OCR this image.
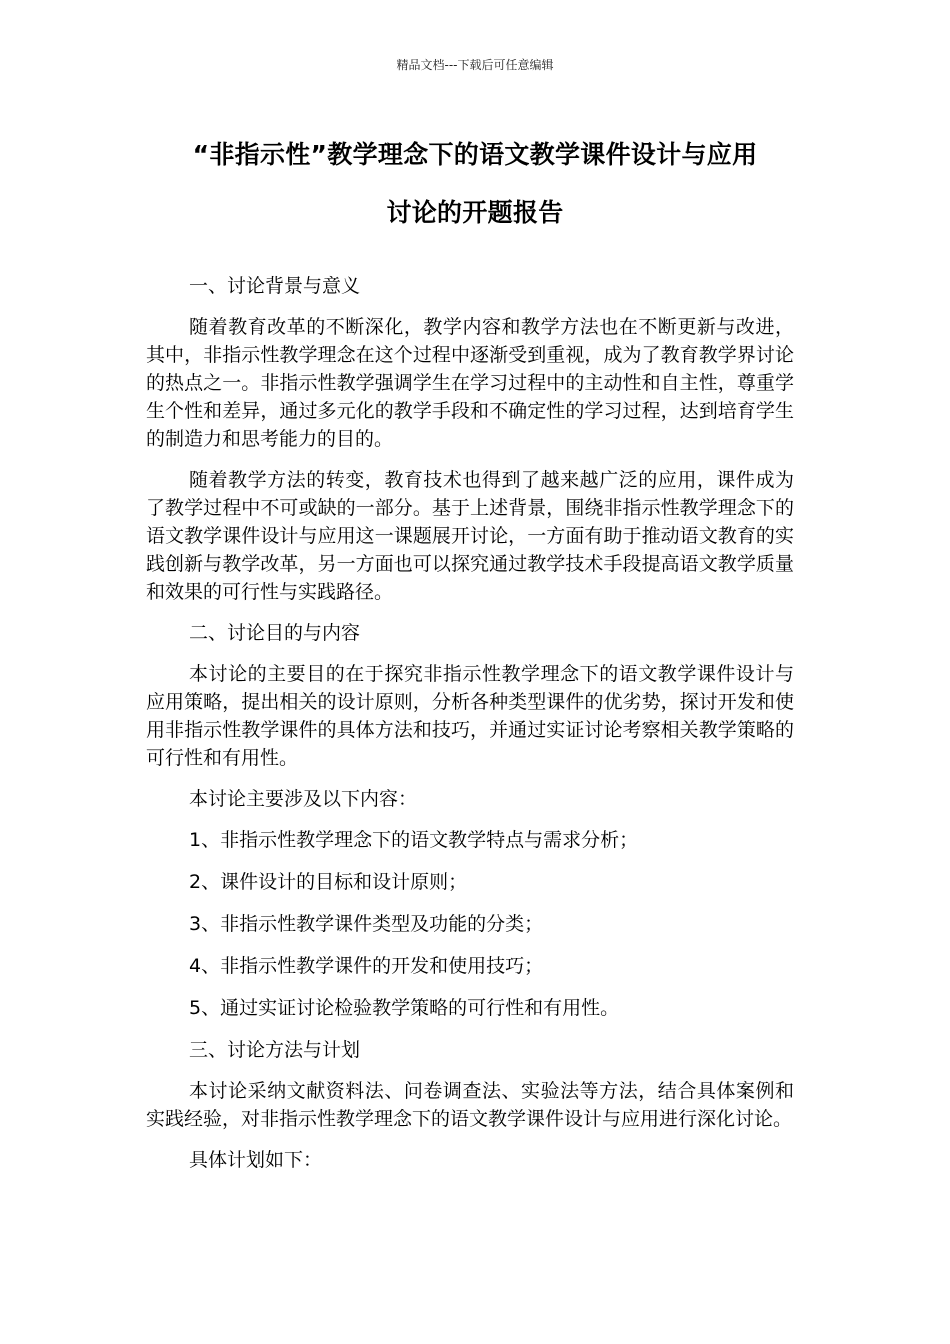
精品文档---下载后可任意编辑
“非指示性”教学理念下的语文教学课件设计与应用
讨论的开题报告

一、讨论背景与意义

随着教育改革的不断深化，教学内容和教学方法也在不断更新与改进，其中，非指示性教学理念在这个过程中逐渐受到重视，成为了教育教学界讨论的热点之一。非指示性教学强调学生在学习过程中的主动性和自主性，尊重学生个性和差异，通过多元化的教学手段和不确定性的学习过程，达到培育学生的制造力和思考能力的目的。

随着教学方法的转变，教育技术也得到了越来越广泛的应用，课件成为了教学过程中不可或缺的一部分。基于上述背景，围绕非指示性教学理念下的语文教学课件设计与应用这一课题展开讨论，一方面有助于推动语文教育的实践创新与教学改革，另一方面也可以探究通过教学技术手段提高语文教学质量和效果的可行性与实践路径。

二、讨论目的与内容

本讨论的主要目的在于探究非指示性教学理念下的语文教学课件设计与应用策略，提出相关的设计原则，分析各种类型课件的优劣势，探讨开发和使用非指示性教学课件的具体方法和技巧，并通过实证讨论考察相关教学策略的可行性和有用性。

本讨论主要涉及以下内容：

1、非指示性教学理念下的语文教学特点与需求分析；

2、课件设计的目标和设计原则；

3、非指示性教学课件类型及功能的分类；

4、非指示性教学课件的开发和使用技巧；

5、通过实证讨论检验教学策略的可行性和有用性。

三、讨论方法与计划

本讨论采纳文献资料法、问卷调查法、实验法等方法，结合具体案例和实践经验，对非指示性教学理念下的语文教学课件设计与应用进行深化讨论。

具体计划如下：
